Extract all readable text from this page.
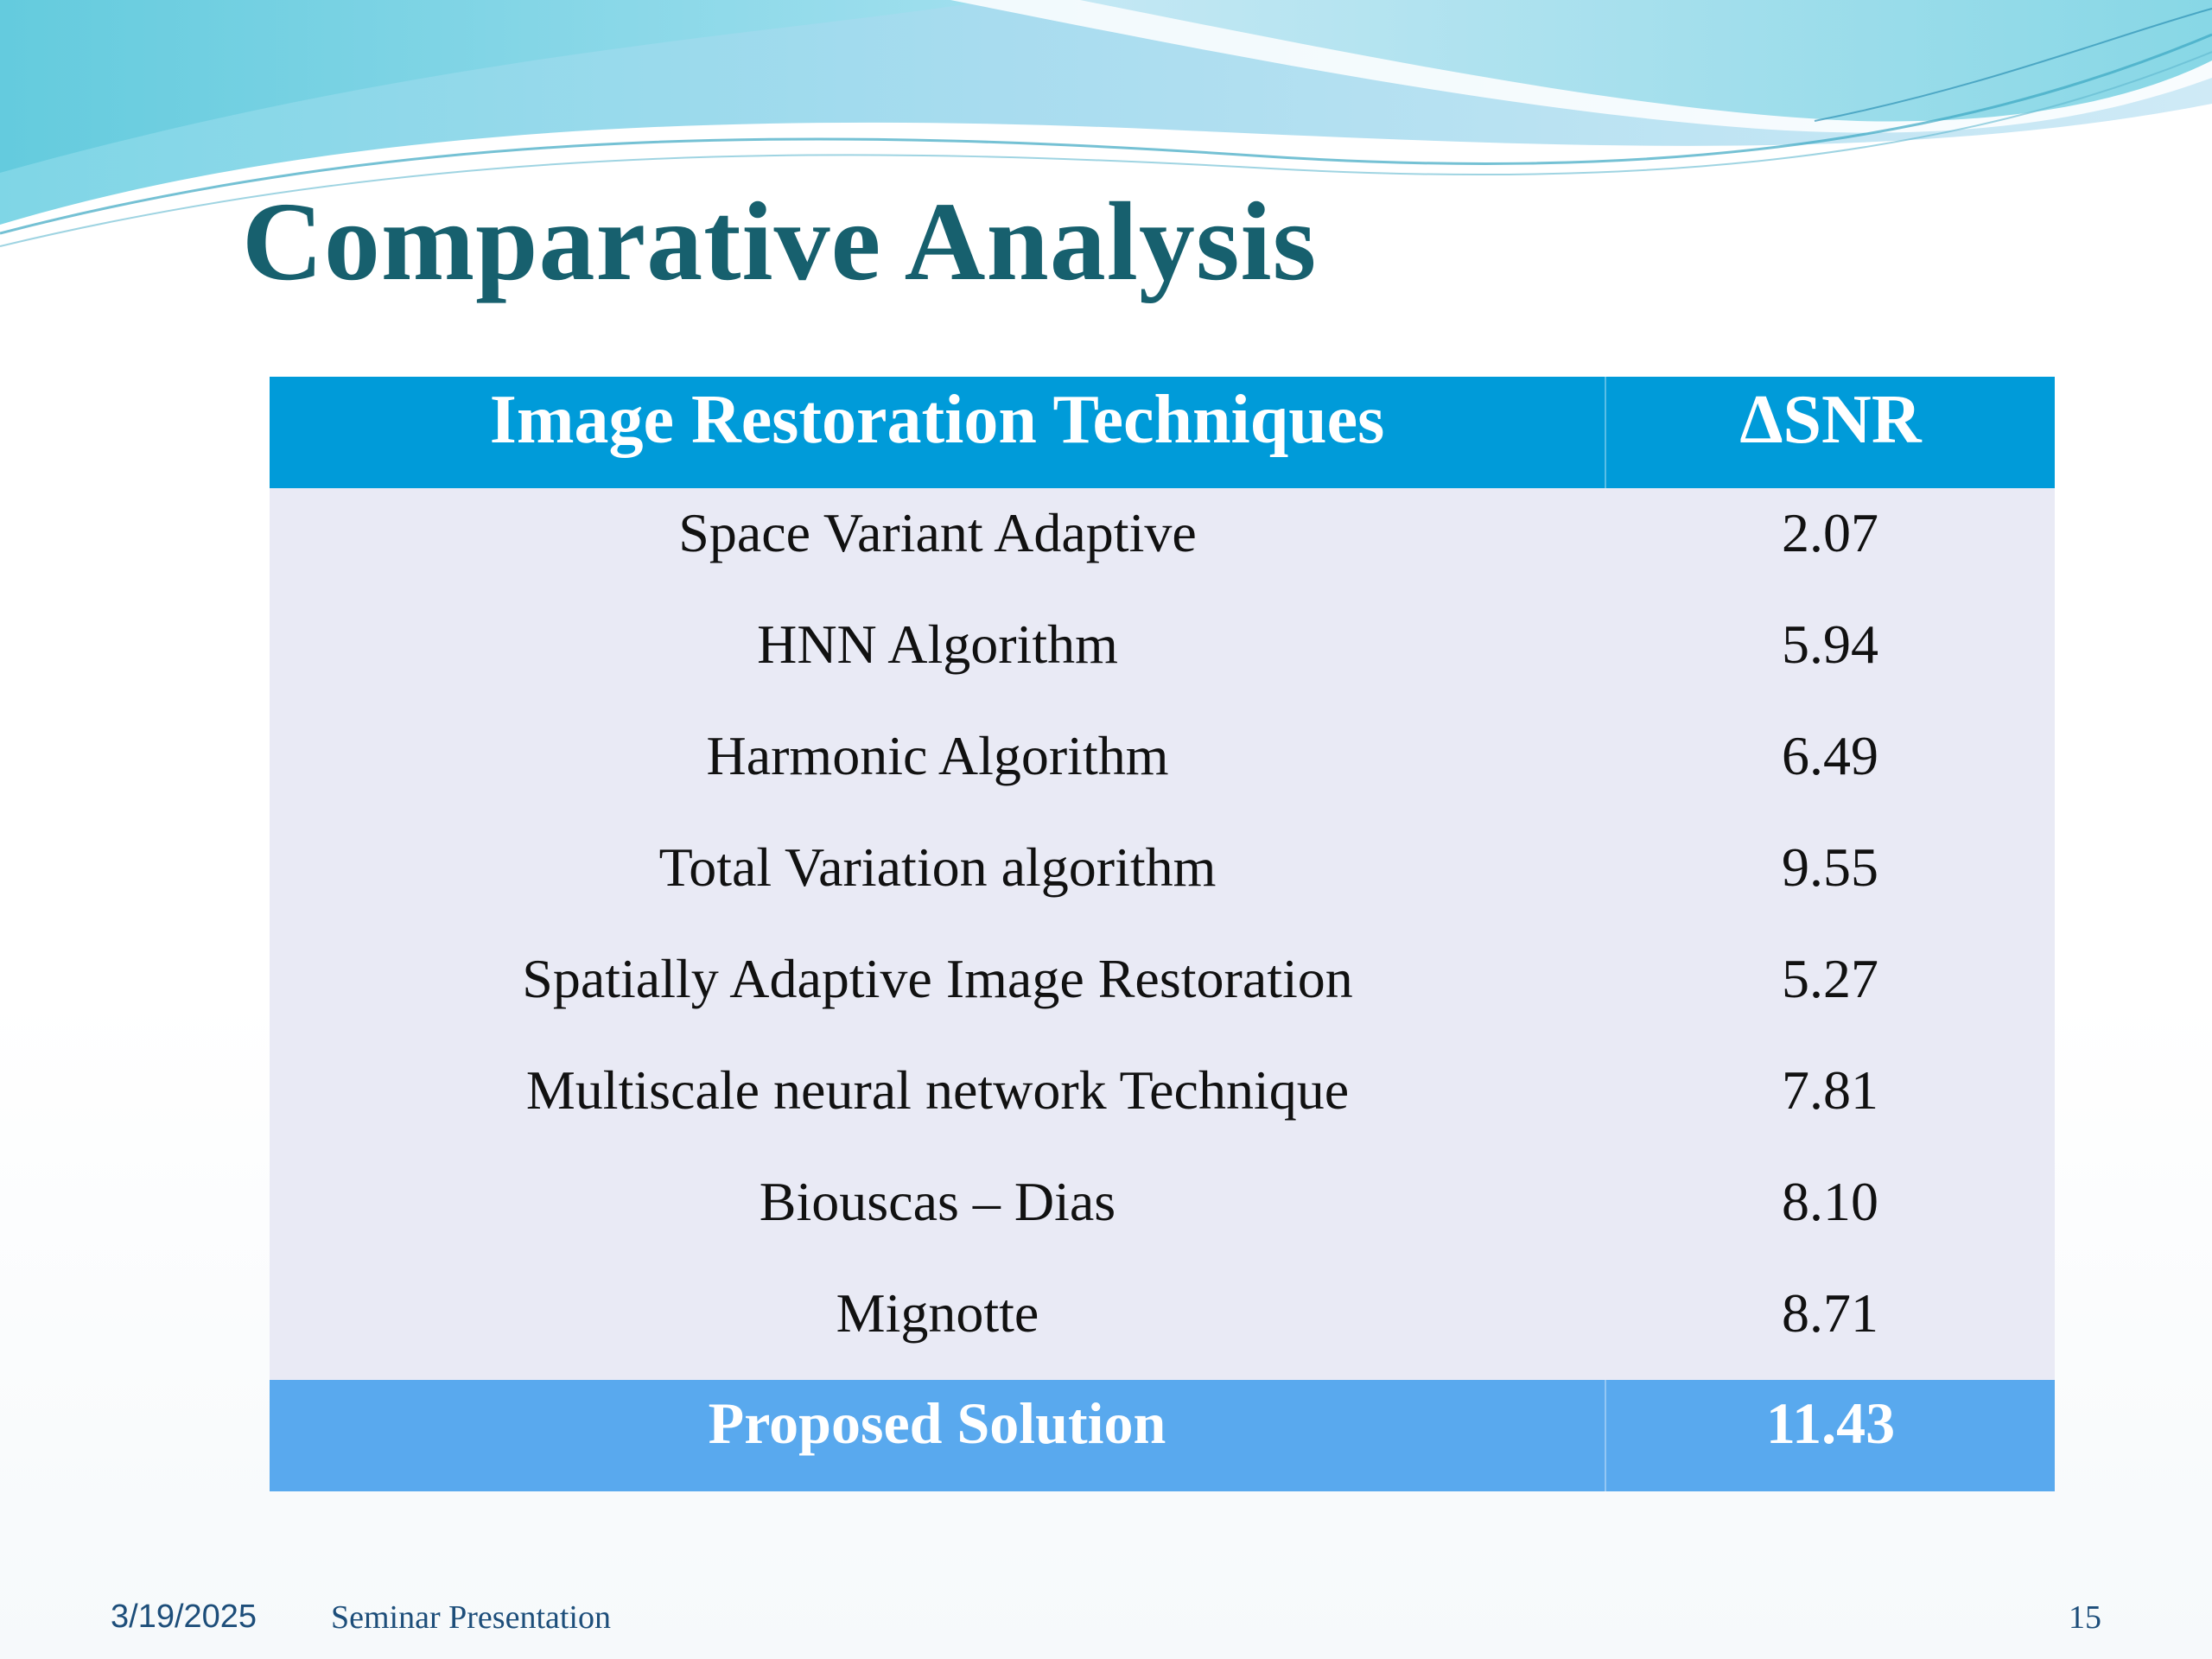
Comparative Analysis
Image Restoration Techniques	ΔSNR
Space Variant Adaptive	2.07
HNN Algorithm	5.94
Harmonic Algorithm	6.49
Total Variation algorithm	9.55
Spatially Adaptive Image Restoration	5.27
Multiscale neural network Technique	7.81
Biouscas – Dias	8.10
Mignotte	8.71
Proposed Solution	11.43
3/19/2025 Seminar Presentation	15
